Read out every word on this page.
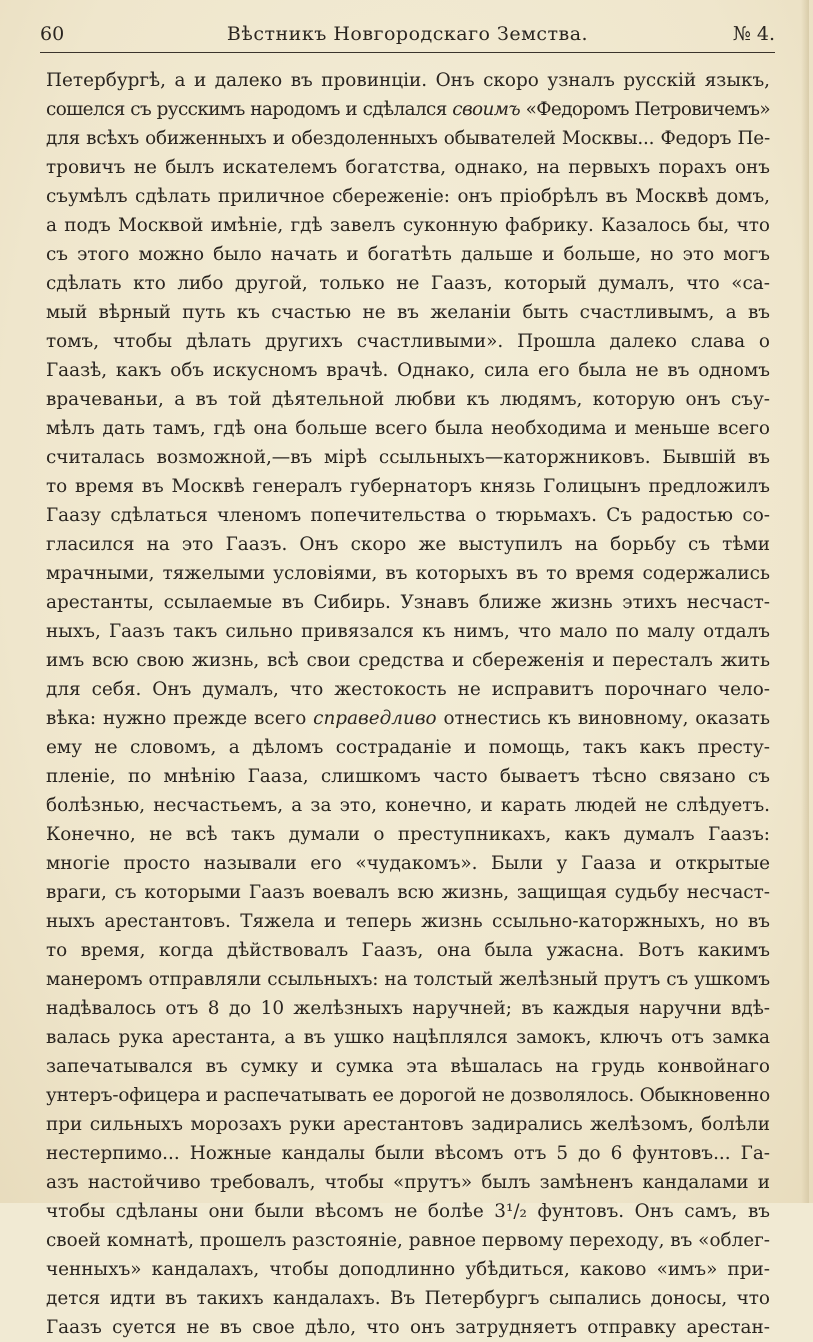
60	Вѣстникъ Новгородскаго Земства.	№ 4.
Петербургѣ, а и далеко въ провинціи. Онъ скоро узналъ русскій языкъ,
сошелся съ русскимъ народомъ и сдѣлался своимъ «Федоромъ Петровичемъ»
для всѣхъ обиженныхъ и обездоленныхъ обывателей Москвы... Федоръ Пе-
тровичъ не былъ искателемъ богатства, однако, на первыхъ порахъ онъ
съумѣлъ сдѣлать приличное сбереженіе: онъ пріобрѣлъ въ Москвѣ домъ,
а подъ Москвой имѣніе, гдѣ завелъ суконную фабрику. Казалось бы, что
съ этого можно было начать и богатѣть дальше и больше, но это могъ
сдѣлать кто либо другой, только не Гаазъ, который думалъ, что «са-
мый вѣрный путь къ счастью не въ желаніи быть счастливымъ, а въ
томъ, чтобы дѣлать другихъ счастливыми». Прошла далеко слава о
Гаазѣ, какъ объ искусномъ врачѣ. Однако, сила его была не въ одномъ
врачеваньи, а въ той дѣятельной любви къ людямъ, которую онъ съу-
мѣлъ дать тамъ, гдѣ она больше всего была необходима и меньше всего
считалась возможной,—въ мірѣ ссыльныхъ—каторжниковъ. Бывшій въ
то время въ Москвѣ генералъ губернаторъ князь Голицынъ предложилъ
Гаазу сдѣлаться членомъ попечительства о тюрьмахъ. Съ радостью со-
гласился на это Гаазъ. Онъ скоро же выступилъ на борьбу съ тѣми
мрачными, тяжелыми условіями, въ которыхъ въ то время содержались
арестанты, ссылаемые въ Сибирь. Узнавъ ближе жизнь этихъ несчаст-
ныхъ, Гаазъ такъ сильно привязался къ нимъ, что мало по малу отдалъ
имъ всю свою жизнь, всѣ свои средства и сбереженія и пересталъ жить
для себя. Онъ думалъ, что жестокость не исправитъ порочнаго чело-
вѣка: нужно прежде всего справедливо отнестись къ виновному, оказать
ему не словомъ, а дѣломъ состраданіе и помощь, такъ какъ престу-
пленіе, по мнѣнію Гааза, слишкомъ часто бываетъ тѣсно связано съ
болѣзнью, несчастьемъ, а за это, конечно, и карать людей не слѣдуетъ.
Конечно, не всѣ такъ думали о преступникахъ, какъ думалъ Гаазъ:
многіе просто называли его «чудакомъ». Были у Гааза и открытые
враги, съ которыми Гаазъ воевалъ всю жизнь, защищая судьбу несчаст-
ныхъ арестантовъ. Тяжела и теперь жизнь ссыльно-каторжныхъ, но въ
то время, когда дѣйствовалъ Гаазъ, она была ужасна. Вотъ какимъ
манеромъ отправляли ссыльныхъ: на толстый желѣзный прутъ съ ушкомъ
надѣвалось отъ 8 до 10 желѣзныхъ наручней; въ каждыя наручни вдѣ-
валась рука арестанта, а въ ушко нацѣплялся замокъ, ключъ отъ замка
запечатывался въ сумку и сумка эта вѣшалась на грудь конвойнаго
унтеръ-офицера и распечатывать ее дорогой не дозволялось. Обыкновенно
при сильныхъ морозахъ руки арестантовъ задирались желѣзомъ, болѣли
нестерпимо... Ножные кандалы были вѣсомъ отъ 5 до 6 фунтовъ... Га-
азъ настойчиво требовалъ, чтобы «прутъ» былъ замѣненъ кандалами и
чтобы сдѣланы они были вѣсомъ не болѣе 3¹/₂ фунтовъ. Онъ самъ, въ
своей комнатѣ, прошелъ разстояніе, равное первому переходу, въ «облег-
ченныхъ» кандалахъ, чтобы доподлинно убѣдиться, каково «имъ» при-
дется идти въ такихъ кандалахъ. Въ Петербургъ сыпались доносы, что
Гаазъ суется не въ свое дѣло, что онъ затрудняетъ отправку арестан-
